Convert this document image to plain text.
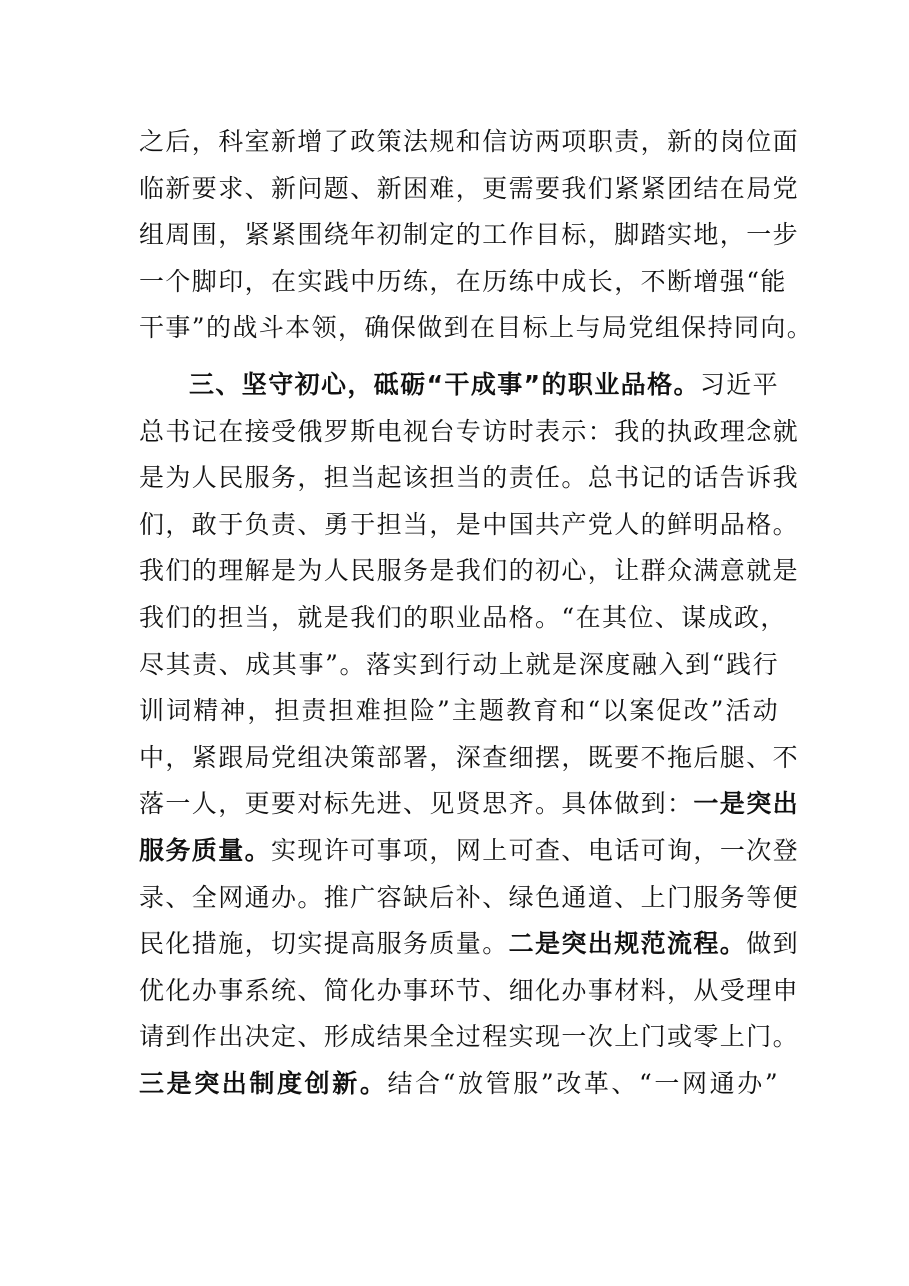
之后，科室新增了政策法规和信访两项职责，新的岗位面
临新要求、新问题、新困难，更需要我们紧紧团结在局党
组周围，紧紧围绕年初制定的工作目标，脚踏实地，一步
一个脚印，在实践中历练，在历练中成长，不断增强“能
干事”的战斗本领，确保做到在目标上与局党组保持同向。
三、坚守初心，砥砺“干成事”的职业品格。习近平
总书记在接受俄罗斯电视台专访时表示：我的执政理念就
是为人民服务，担当起该担当的责任。总书记的话告诉我
们，敢于负责、勇于担当，是中国共产党人的鲜明品格。
我们的理解是为人民服务是我们的初心，让群众满意就是
我们的担当，就是我们的职业品格。“在其位、谋成政，
尽其责、成其事”。落实到行动上就是深度融入到“践行
训词精神，担责担难担险”主题教育和“以案促改”活动
中，紧跟局党组决策部署，深查细摆，既要不拖后腿、不
落一人，更要对标先进、见贤思齐。具体做到：一是突出
服务质量。实现许可事项，网上可查、电话可询，一次登
录、全网通办。推广容缺后补、绿色通道、上门服务等便
民化措施，切实提高服务质量。二是突出规范流程。做到
优化办事系统、简化办事环节、细化办事材料，从受理申
请到作出决定、形成结果全过程实现一次上门或零上门。
三是突出制度创新。结合“放管服”改革、“一网通办”
